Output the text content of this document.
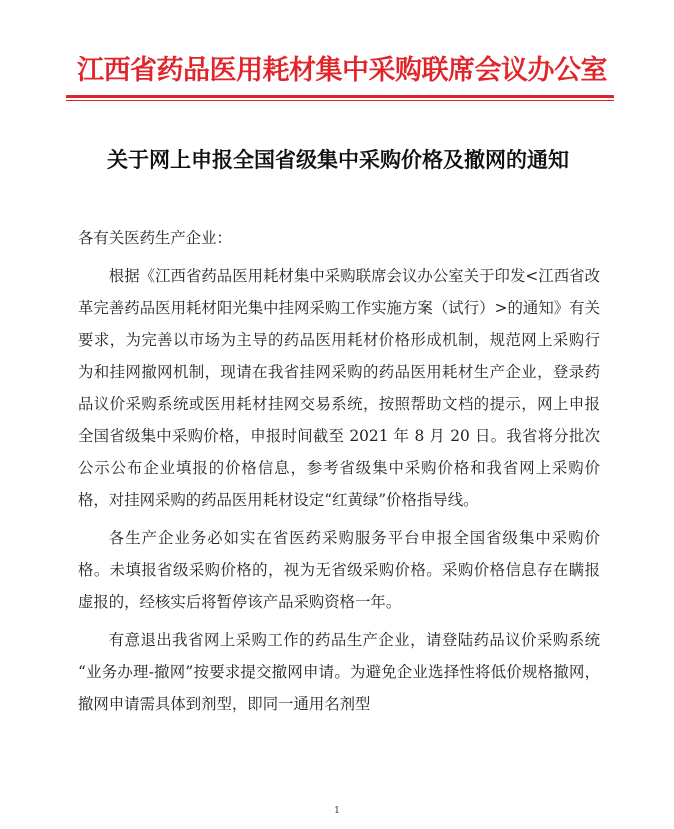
江西省药品医用耗材集中采购联席会议办公室
关于网上申报全国省级集中采购价格及撤网的通知

各有关医药生产企业：

根据《江西省药品医用耗材集中采购联席会议办公室关于印发<江西省改革完善药品医用耗材阳光集中挂网采购工作实施方案（试行）>的通知》有关要求，为完善以市场为主导的药品医用耗材价格形成机制，规范网上采购行为和挂网撤网机制，现请在我省挂网采购的药品医用耗材生产企业，登录药品议价采购系统或医用耗材挂网交易系统，按照帮助文档的提示，网上申报全国省级集中采购价格，申报时间截至 2021 年 8 月 20 日。我省将分批次公示公布企业填报的价格信息，参考省级集中采购价格和我省网上采购价格，对挂网采购的药品医用耗材设定“红黄绿”价格指导线。

各生产企业务必如实在省医药采购服务平台申报全国省级集中采购价格。未填报省级采购价格的，视为无省级采购价格。采购价格信息存在瞒报虚报的，经核实后将暂停该产品采购资格一年。

有意退出我省网上采购工作的药品生产企业，请登陆药品议价采购系统 “业务办理-撤网”按要求提交撤网申请。为避免企业选择性将低价规格撤网，撤网申请需具体到剂型，即同一通用名剂型

1
